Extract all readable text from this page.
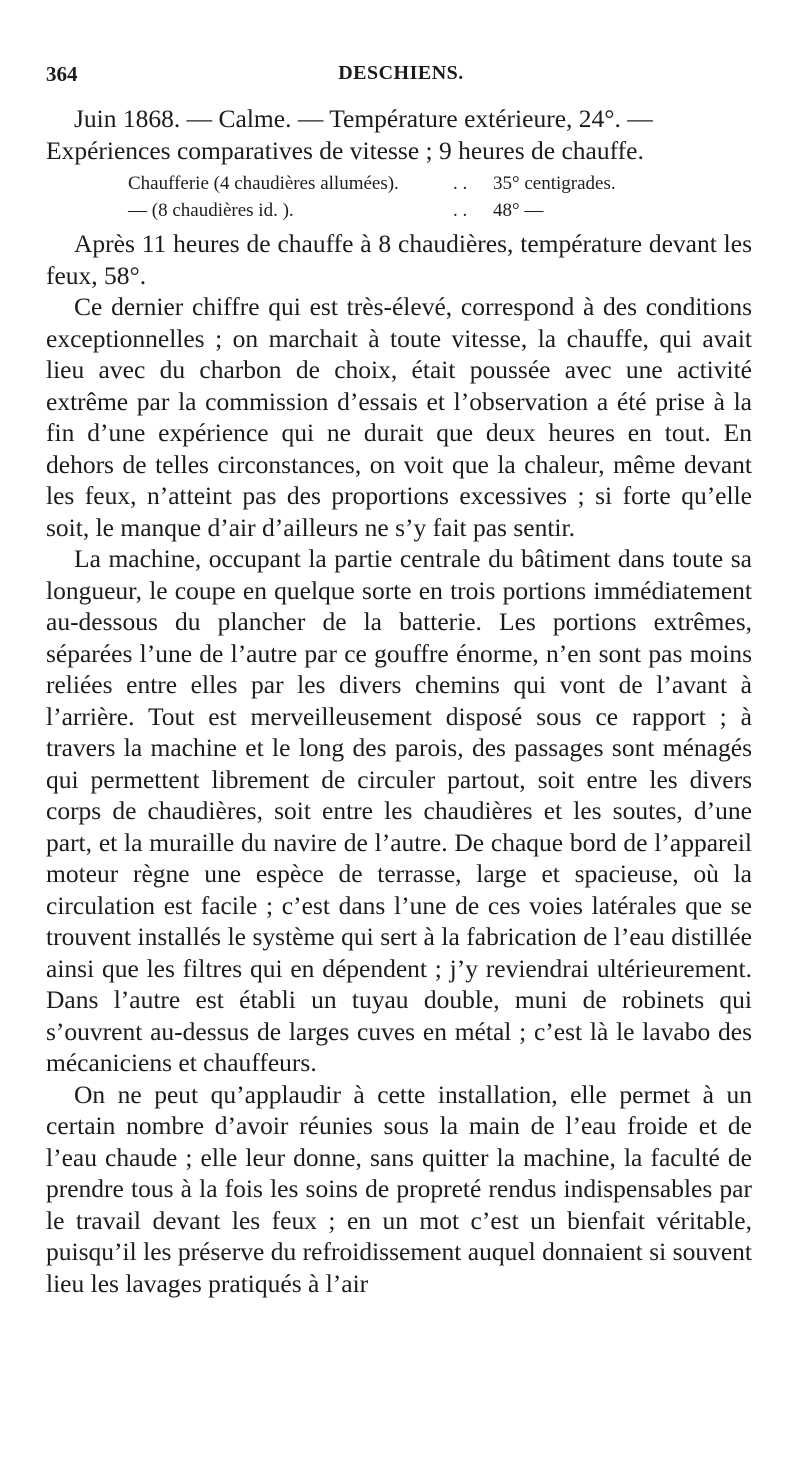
364	DESCHIENS.

Juin 1868. — Calme. — Température extérieure, 24°. —

Expériences comparatives de vitesse ; 9 heures de chauffe.

Chaufferie (4 chaudières allumées).	. .	35° centigrades.
— (8 chaudières id. ).	. .	48° —

Après 11 heures de chauffe à 8 chaudières, température devant les feux, 58°.

Ce dernier chiffre qui est très-élevé, correspond à des conditions exceptionnelles ; on marchait à toute vitesse, la chauffe, qui avait lieu avec du charbon de choix, était poussée avec une activité extrême par la commission d’essais et l’observation a été prise à la fin d’une expérience qui ne durait que deux heures en tout. En dehors de telles circonstances, on voit que la chaleur, même devant les feux, n’atteint pas des proportions excessives ; si forte qu’elle soit, le manque d’air d’ailleurs ne s’y fait pas sentir.

La machine, occupant la partie centrale du bâtiment dans toute sa longueur, le coupe en quelque sorte en trois portions immédiatement au-dessous du plancher de la batterie. Les portions extrêmes, séparées l’une de l’autre par ce gouffre énorme, n’en sont pas moins reliées entre elles par les divers chemins qui vont de l’avant à l’arrière. Tout est merveilleusement disposé sous ce rapport ; à travers la machine et le long des parois, des passages sont ménagés qui permettent librement de circuler partout, soit entre les divers corps de chaudières, soit entre les chaudières et les soutes, d’une part, et la muraille du navire de l’autre. De chaque bord de l’appareil moteur règne une espèce de terrasse, large et spacieuse, où la circulation est facile ; c’est dans l’une de ces voies latérales que se trouvent installés le système qui sert à la fabrication de l’eau distillée ainsi que les filtres qui en dépendent ; j’y reviendrai ultérieurement. Dans l’autre est établi un tuyau double, muni de robinets qui s’ouvrent au-dessus de larges cuves en métal ; c’est là le lavabo des mécaniciens et chauffeurs.

On ne peut qu’applaudir à cette installation, elle permet à un certain nombre d’avoir réunies sous la main de l’eau froide et de l’eau chaude ; elle leur donne, sans quitter la machine, la faculté de prendre tous à la fois les soins de propreté rendus indispensables par le travail devant les feux ; en un mot c’est un bienfait véritable, puisqu’il les préserve du refroidissement auquel donnaient si souvent lieu les lavages pratiqués à l’air
